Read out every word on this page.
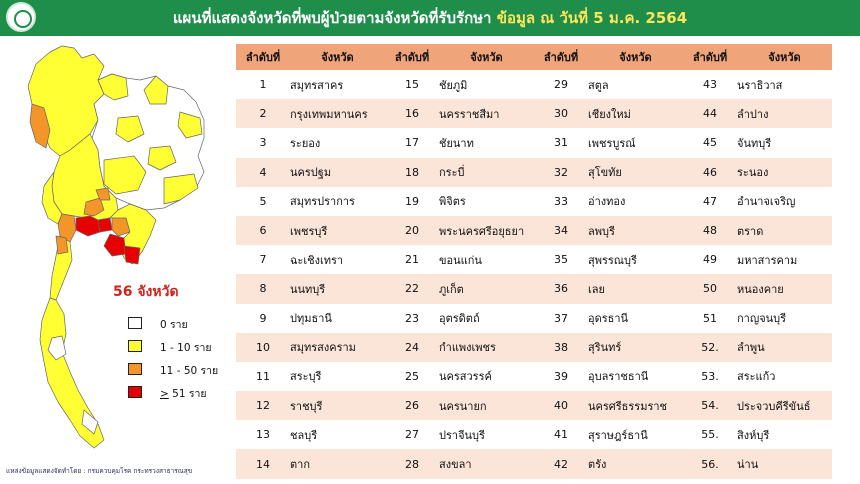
แผนที่แสดงจังหวัดที่พบผู้ป่วยตามจังหวัดที่รับรักษา ข้อมูล ณ วันที่ 5 ม.ค. 2564
56 จังหวัด
0 ราย
1 - 10 ราย
11 - 50 ราย
> 51 ราย
แหล่งข้อมูลแสดงจัดทำโดย : กรมควบคุมโรค กระทรวงสาธารณสุข
ลำดับที่	จังหวัด	ลำดับที่	จังหวัด	ลำดับที่	จังหวัด	ลำดับที่	จังหวัด
1	สมุทรสาคร	15	ชัยภูมิ	29	สตูล	43	นราธิวาส
2	กรุงเทพมหานคร	16	นครราชสีมา	30	เชียงใหม่	44	ลำปาง
3	ระยอง	17	ชัยนาท	31	เพชรบูรณ์	45	จันทบุรี
4	นครปฐม	18	กระบี่	32	สุโขทัย	46	ระนอง
5	สมุทรปราการ	19	พิจิตร	33	อ่างทอง	47	อำนาจเจริญ
6	เพชรบุรี	20	พระนครศรีอยุธยา	34	ลพบุรี	48	ตราด
7	ฉะเชิงเทรา	21	ขอนแก่น	35	สุพรรณบุรี	49	มหาสารคาม
8	นนทบุรี	22	ภูเก็ต	36	เลย	50	หนองคาย
9	ปทุมธานี	23	อุตรดิตถ์	37	อุดรธานี	51	กาญจนบุรี
10	สมุทรสงคราม	24	กำแพงเพชร	38	สุรินทร์	52.	ลำพูน
11	สระบุรี	25	นครสวรรค์	39	อุบลราชธานี	53.	สระแก้ว
12	ราชบุรี	26	นครนายก	40	นครศรีธรรมราช	54.	ประจวบคีรีขันธ์
13	ชลบุรี	27	ปราจีนบุรี	41	สุราษฎร์ธานี	55.	สิงห์บุรี
14	ตาก	28	สงขลา	42	ตรัง	56.	น่าน
